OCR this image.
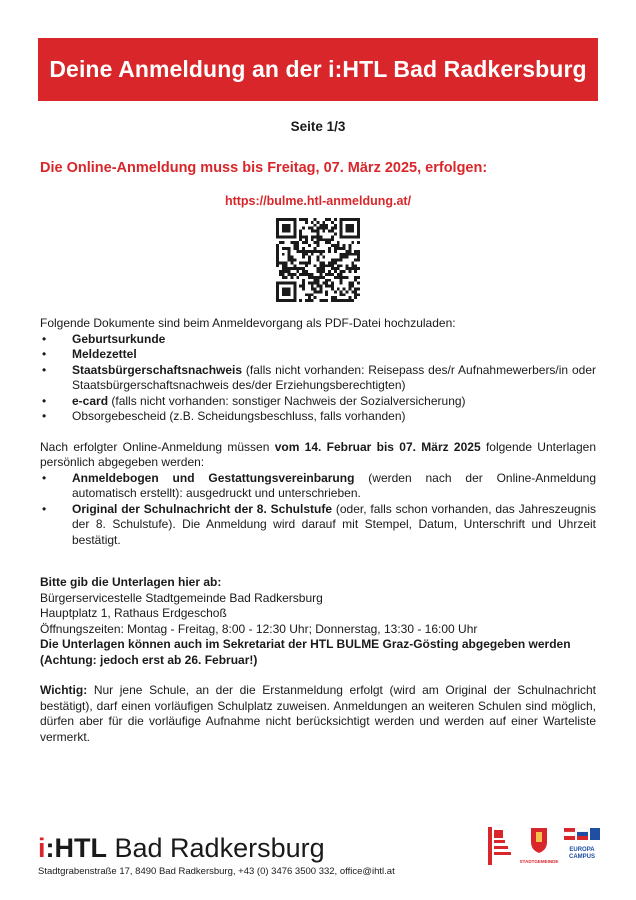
Deine Anmeldung an der i:HTL Bad Radkersburg
Seite 1/3
Die Online-Anmeldung muss bis Freitag, 07. März 2025, erfolgen:
https://bulme.htl-anmeldung.at/

Folgende Dokumente sind beim Anmeldevorgang als PDF-Datei hochzuladen:

• Geburtsurkunde
• Meldezettel
• Staatsbürgerschaftsnachweis (falls nicht vorhanden: Reisepass des/r Aufnahmewerbers/in oder Staatsbürgerschaftsnachweis des/der Erziehungsberechtigten)
• e-card (falls nicht vorhanden: sonstiger Nachweis der Sozialversicherung)
• Obsorgebescheid (z.B. Scheidungsbeschluss, falls vorhanden)

Nach erfolgter Online-Anmeldung müssen vom 14. Februar bis 07. März 2025 folgende Unterlagen persönlich abgegeben werden:

• Anmeldebogen und Gestattungsvereinbarung (werden nach der Online-Anmeldung automatisch erstellt): ausgedruckt und unterschrieben.
• Original der Schulnachricht der 8. Schulstufe (oder, falls schon vorhanden, das Jahreszeugnis der 8. Schulstufe). Die Anmeldung wird darauf mit Stempel, Datum, Unterschrift und Uhrzeit bestätigt.

Bitte gib die Unterlagen hier ab:

Bürgerservicestelle Stadtgemeinde Bad Radkersburg

Hauptplatz 1, Rathaus Erdgeschoß

Öffnungszeiten: Montag - Freitag, 8:00 - 12:30 Uhr; Donnerstag, 13:30 - 16:00 Uhr

Die Unterlagen können auch im Sekretariat der HTL BULME Graz-Gösting abgegeben werden

(Achtung: jedoch erst ab 26. Februar!)

Wichtig: Nur jene Schule, an der die Erstanmeldung erfolgt (wird am Original der Schulnachricht bestätigt), darf einen vorläufigen Schulplatz zuweisen. Anmeldungen an weiteren Schulen sind möglich, dürfen aber für die vorläufige Aufnahme nicht berücksichtigt werden und werden auf einer Warteliste vermerkt.

i:HTL Bad Radkersburg
Stadtgrabenstraße 17, 8490 Bad Radkersburg, +43 (0) 3476 3500 332, office@ihtl.at
STADTGEMEINDE
EUROPA
CAMPUS
